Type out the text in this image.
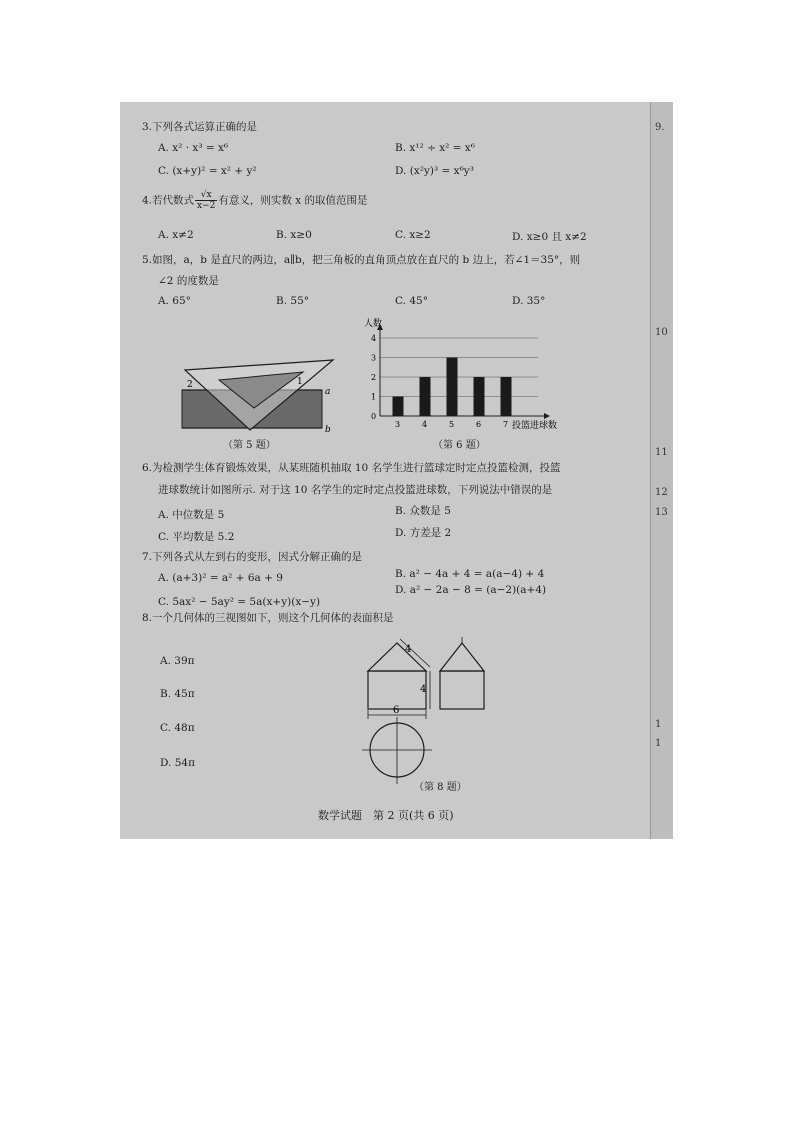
3.下列各式运算正确的是
A. x² · x³ = x⁶	B. x¹² ÷ x² = x⁶
C. (x+y)² = x² + y²	D. (x²y)³ = x⁶y³
4.若代数式 $\frac{√x}{x-2}$ 有意义，则实数 x 的取值范围是
A. x≠2	B. x≥0	C. x≥2	D. x≥0 且 x≠2
5.如图，a，b 是直尺的两边，a∥b，把三角板的直角顶点放在直尺的 b 边上，若∠1＝35°，则
∠2 的度数是
A. 65°	B. 55°	C. 45°	D. 35°
2	1
a
b
（第 5 题）
0
1
2
3
4
3	4	5	6	7
人数
投篮进球数
（第 6 题）
6.为检测学生体育锻炼效果，从某班随机抽取 10 名学生进行篮球定时定点投篮检测，投篮
进球数统计如图所示. 对于这 10 名学生的定时定点投篮进球数，下列说法中错误的是
A. 中位数是 5	B. 众数是 5
C. 平均数是 5.2	D. 方差是 2
7.下列各式从左到右的变形，因式分解正确的是
A. (a+3)² = a² + 6a + 9	B. a² − 4a + 4 = a(a−4) + 4
C. 5ax² − 5ay² = 5a(x+y)(x−y)
D. a² − 2a − 8 = (a−2)(a+4)
8.一个几何体的三视图如下，则这个几何体的表面积是
A. 39π
B. 45π
C. 48π
D. 54π
4
4
6
（第 8 题）
数学试题　第 2 页(共 6 页)
9.
10
11
12
13
1
1
